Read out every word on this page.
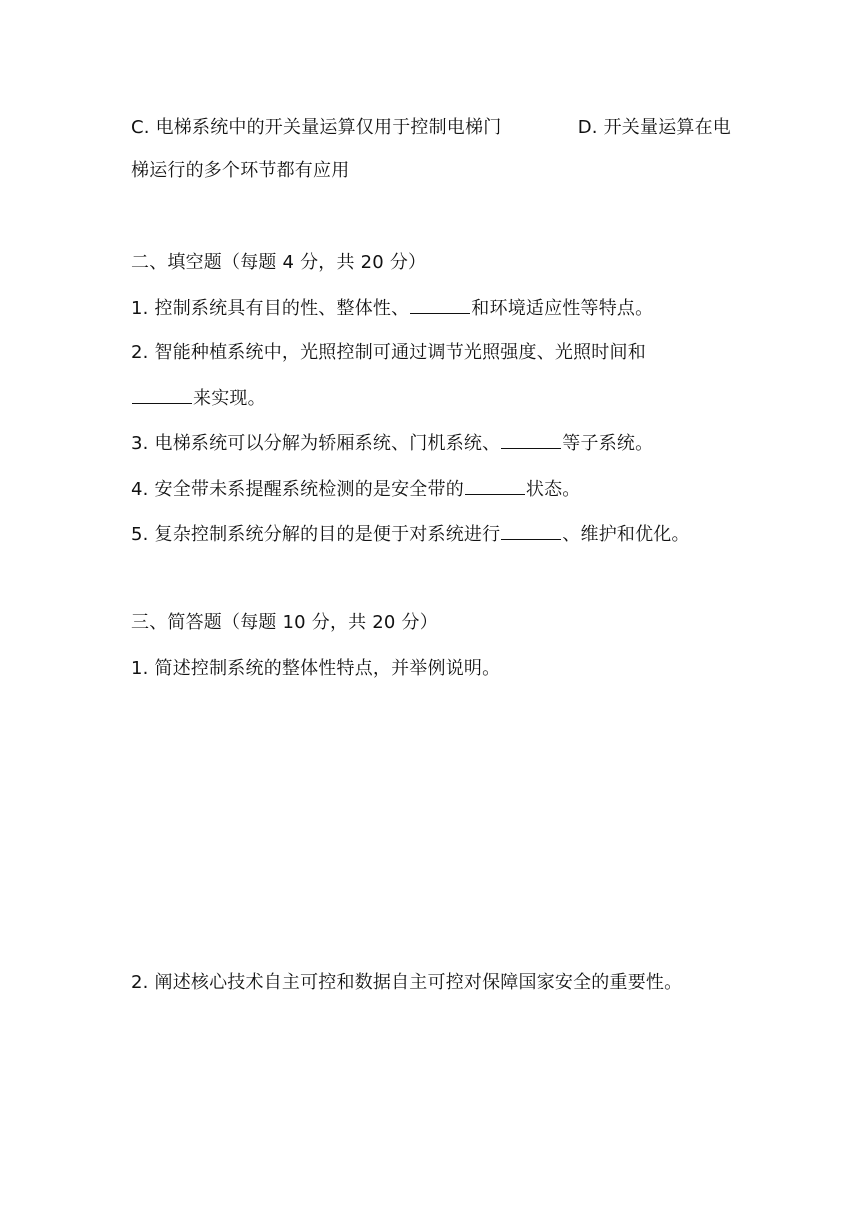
C. 电梯系统中的开关量运算仅用于控制电梯门	D. 开关量运算在电
梯运行的多个环节都有应用
二、填空题（每题 4 分，共 20 分）
1. 控制系统具有目的性、整体性、	和环境适应性等特点。
2. 智能种植系统中，光照控制可通过调节光照强度、光照时间和
来实现。
3. 电梯系统可以分解为轿厢系统、门机系统、	等子系统。
4. 安全带未系提醒系统检测的是安全带的	状态。
5. 复杂控制系统分解的目的是便于对系统进行	、维护和优化。
三、简答题（每题 10 分，共 20 分）
1. 简述控制系统的整体性特点，并举例说明。
2. 阐述核心技术自主可控和数据自主可控对保障国家安全的重要性。
